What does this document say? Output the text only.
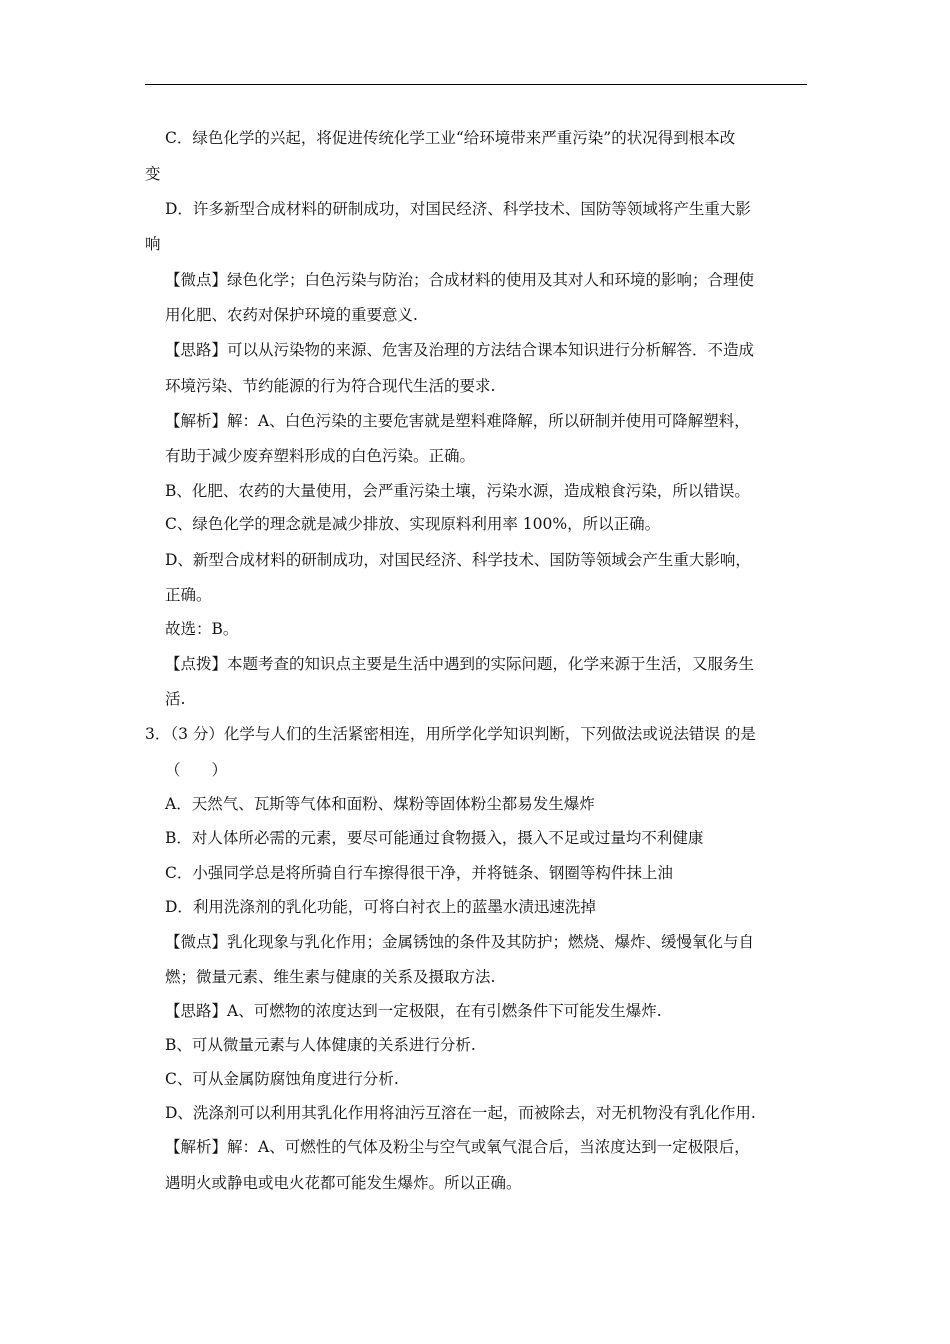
C．绿色化学的兴起，将促进传统化学工业“给环境带来严重污染”的状况得到根本改
变
D．许多新型合成材料的研制成功，对国民经济、科学技术、国防等领域将产生重大影
响
【微点】绿色化学；白色污染与防治；合成材料的使用及其对人和环境的影响；合理使
用化肥、农药对保护环境的重要意义.
【思路】可以从污染物的来源、危害及治理的方法结合课本知识进行分析解答．不造成
环境污染、节约能源的行为符合现代生活的要求.
【解析】解：A、白色污染的主要危害就是塑料难降解，所以研制并使用可降解塑料，
有助于减少废弃塑料形成的白色污染。正确。
B、化肥、农药的大量使用，会严重污染土壤，污染水源，造成粮食污染，所以错误。
C、绿色化学的理念就是减少排放、实现原料利用率 100%，所以正确。
D、新型合成材料的研制成功，对国民经济、科学技术、国防等领域会产生重大影响，
正确。
故选：B。
【点拨】本题考查的知识点主要是生活中遇到的实际问题，化学来源于生活，又服务生
活.
3．（3 分）化学与人们的生活紧密相连，用所学化学知识判断，下列做法或说法错误 的是
（　　）
A．天然气、瓦斯等气体和面粉、煤粉等固体粉尘都易发生爆炸
B．对人体所必需的元素，要尽可能通过食物摄入，摄入不足或过量均不利健康
C．小强同学总是将所骑自行车擦得很干净，并将链条、钢圈等构件抹上油
D．利用洗涤剂的乳化功能，可将白衬衣上的蓝墨水渍迅速洗掉
【微点】乳化现象与乳化作用；金属锈蚀的条件及其防护；燃烧、爆炸、缓慢氧化与自
燃；微量元素、维生素与健康的关系及摄取方法.
【思路】A、可燃物的浓度达到一定极限，在有引燃条件下可能发生爆炸.
B、可从微量元素与人体健康的关系进行分析.
C、可从金属防腐蚀角度进行分析.
D、洗涤剂可以利用其乳化作用将油污互溶在一起，而被除去，对无机物没有乳化作用.
【解析】解：A、可燃性的气体及粉尘与空气或氧气混合后，当浓度达到一定极限后，
遇明火或静电或电火花都可能发生爆炸。所以正确。
